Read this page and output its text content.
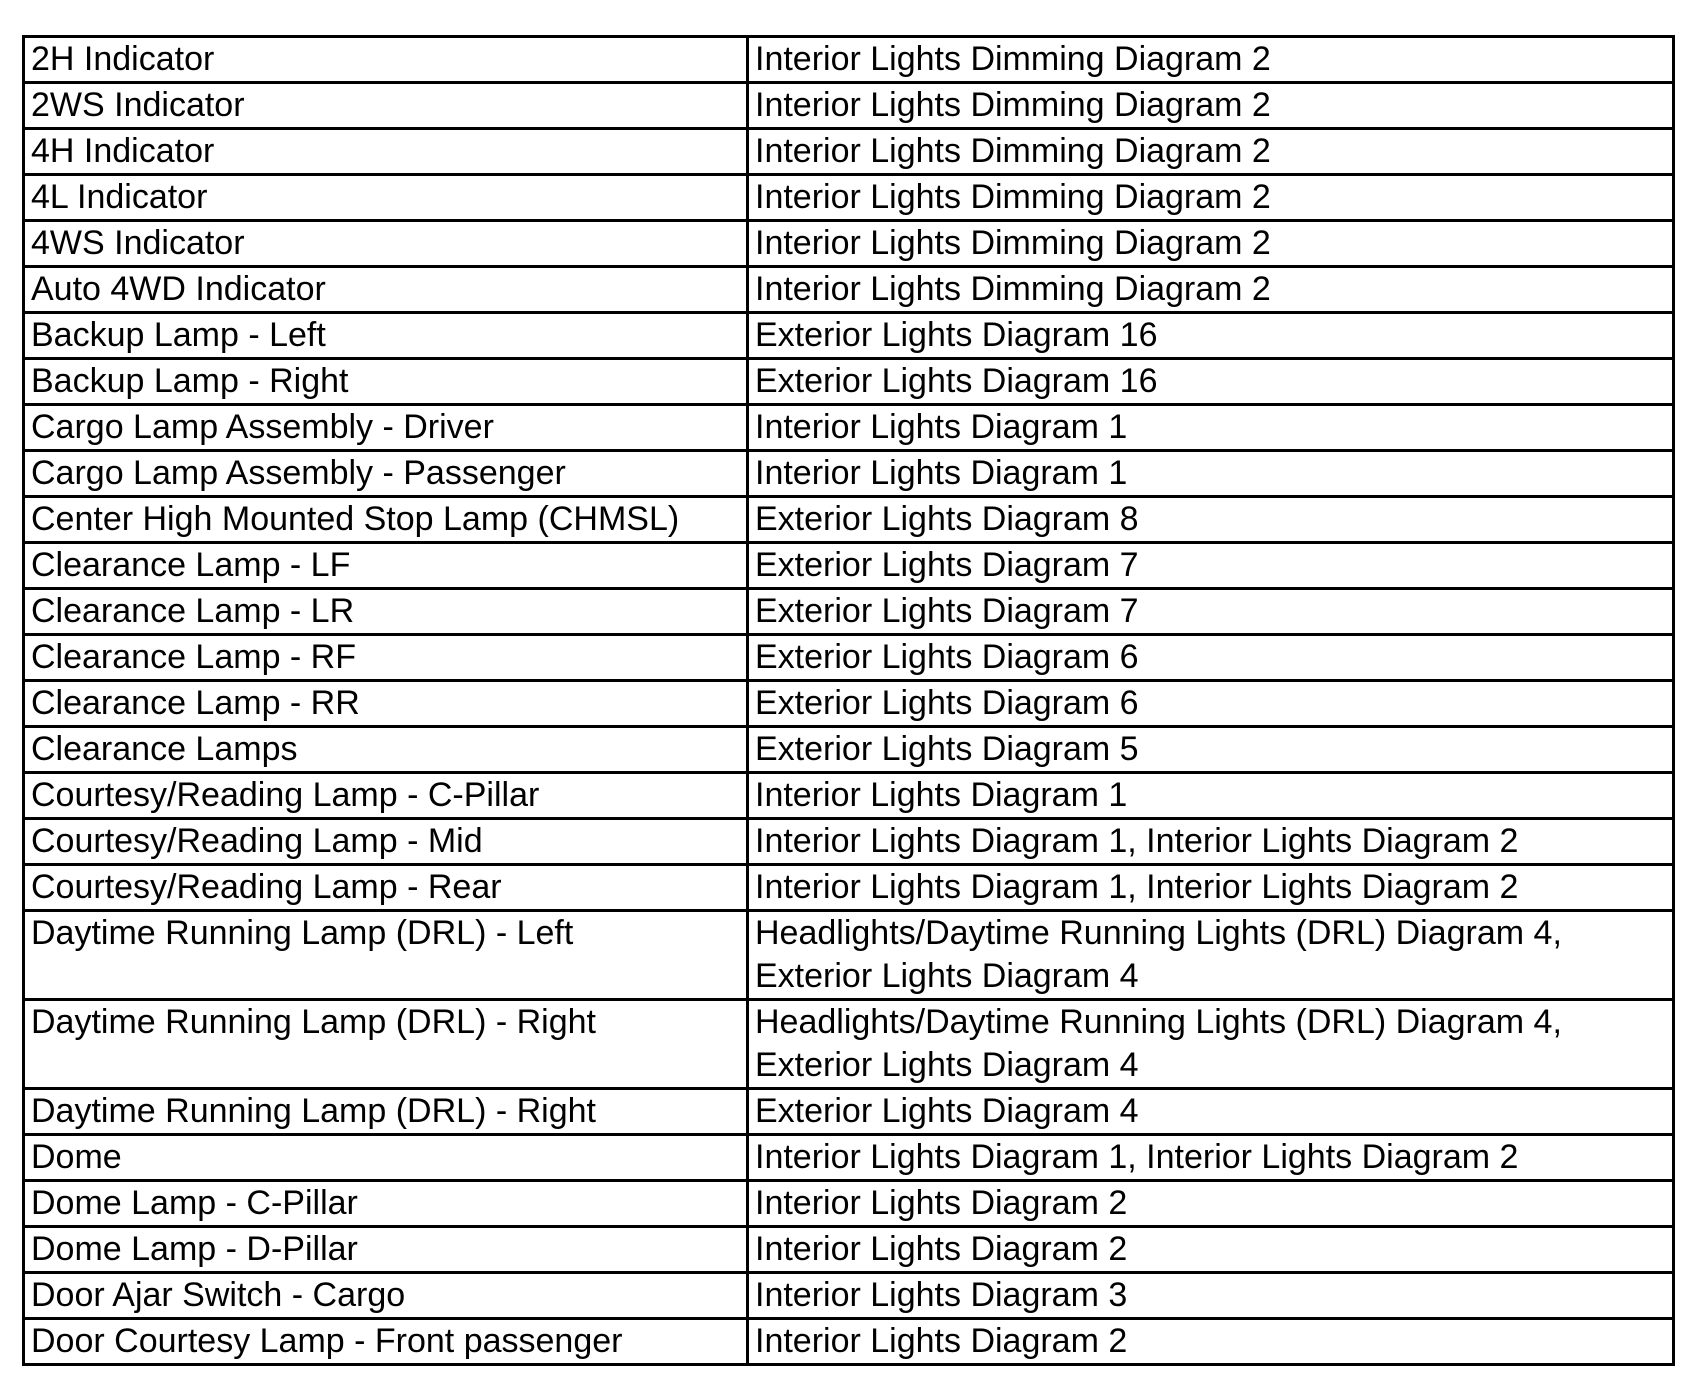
2H Indicator	Interior Lights Dimming Diagram 2
2WS Indicator	Interior Lights Dimming Diagram 2
4H Indicator	Interior Lights Dimming Diagram 2
4L Indicator	Interior Lights Dimming Diagram 2
4WS Indicator	Interior Lights Dimming Diagram 2
Auto 4WD Indicator	Interior Lights Dimming Diagram 2
Backup Lamp - Left	Exterior Lights Diagram 16
Backup Lamp - Right	Exterior Lights Diagram 16
Cargo Lamp Assembly - Driver	Interior Lights Diagram 1
Cargo Lamp Assembly - Passenger	Interior Lights Diagram 1
Center High Mounted Stop Lamp (CHMSL)	Exterior Lights Diagram 8
Clearance Lamp - LF	Exterior Lights Diagram 7
Clearance Lamp - LR	Exterior Lights Diagram 7
Clearance Lamp - RF	Exterior Lights Diagram 6
Clearance Lamp - RR	Exterior Lights Diagram 6
Clearance Lamps	Exterior Lights Diagram 5
Courtesy/Reading Lamp - C-Pillar	Interior Lights Diagram 1
Courtesy/Reading Lamp - Mid	Interior Lights Diagram 1, Interior Lights Diagram 2
Courtesy/Reading Lamp - Rear	Interior Lights Diagram 1, Interior Lights Diagram 2
Daytime Running Lamp (DRL) - Left	Headlights/Daytime Running Lights (DRL) Diagram 4, Exterior Lights Diagram 4
Daytime Running Lamp (DRL) - Right	Headlights/Daytime Running Lights (DRL) Diagram 4, Exterior Lights Diagram 4
Daytime Running Lamp (DRL) - Right	Exterior Lights Diagram 4
Dome	Interior Lights Diagram 1, Interior Lights Diagram 2
Dome Lamp - C-Pillar	Interior Lights Diagram 2
Dome Lamp - D-Pillar	Interior Lights Diagram 2
Door Ajar Switch - Cargo	Interior Lights Diagram 3
Door Courtesy Lamp - Front passenger	Interior Lights Diagram 2
